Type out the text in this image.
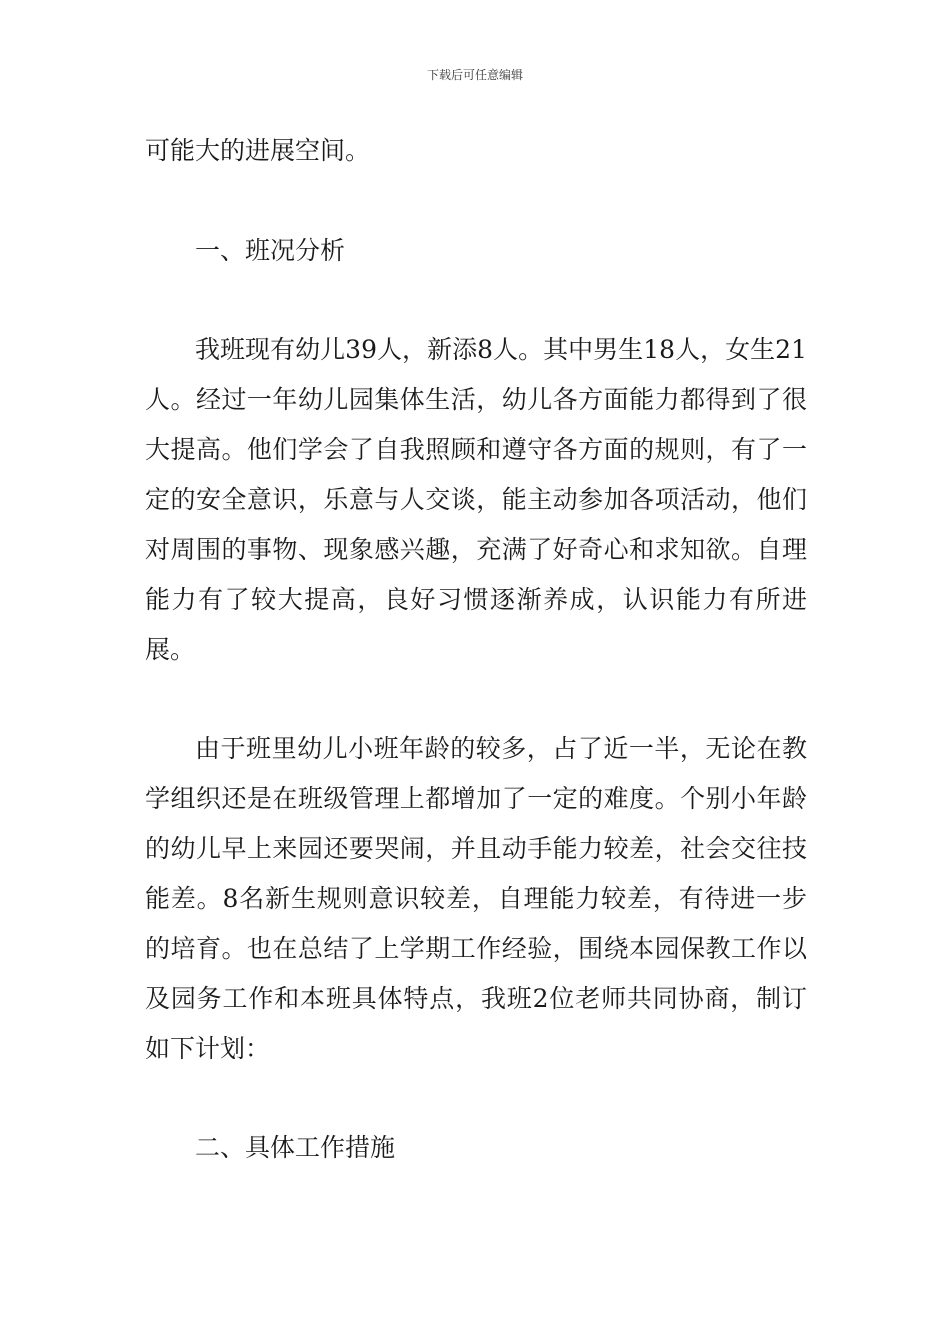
下载后可任意编辑

可能大的进展空间。

一、班况分析

我班现有幼儿39人，新添8人。其中男生18人，女生21人。经过一年幼儿园集体生活，幼儿各方面能力都得到了很大提高。他们学会了自我照顾和遵守各方面的规则，有了一定的安全意识，乐意与人交谈，能主动参加各项活动，他们对周围的事物、现象感兴趣，充满了好奇心和求知欲。自理能力有了较大提高，良好习惯逐渐养成，认识能力有所进展。

由于班里幼儿小班年龄的较多，占了近一半，无论在教学组织还是在班级管理上都增加了一定的难度。个别小年龄的幼儿早上来园还要哭闹，并且动手能力较差，社会交往技能差。8名新生规则意识较差，自理能力较差，有待进一步的培育。也在总结了上学期工作经验，围绕本园保教工作以及园务工作和本班具体特点，我班2位老师共同协商，制订如下计划：

二、具体工作措施
